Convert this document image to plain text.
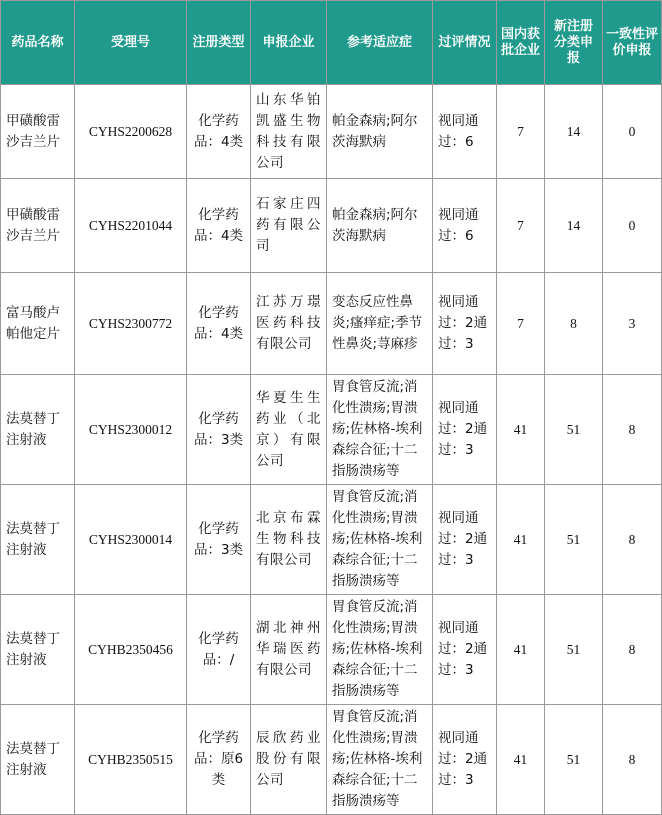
药品名称	受理号	注册类型	申报企业	参考适应症	过评情况	国内获批企业	新注册分类申报	一致性评价申报
甲磺酸雷沙吉兰片	CYHS2200628	化学药品：4类	山东华铂凯盛生物科技有限公司	帕金森病;阿尔茨海默病	视同通过：6	7	14	0
甲磺酸雷沙吉兰片	CYHS2201044	化学药品：4类	石家庄四药有限公司	帕金森病;阿尔茨海默病	视同通过：6	7	14	0
富马酸卢帕他定片	CYHS2300772	化学药品：4类	江苏万璟医药科技有限公司	变态反应性鼻炎;瘙痒症;季节性鼻炎;荨麻疹	视同通过：2通过：3	7	8	3
法莫替丁注射液	CYHS2300012	化学药品：3类	华夏生生药业（北京）有限公司	胃食管反流;消化性溃疡;胃溃疡;佐林格-埃利森综合征;十二指肠溃疡等	视同通过：2通过：3	41	51	8
法莫替丁注射液	CYHS2300014	化学药品：3类	北京布霖生物科技有限公司	胃食管反流;消化性溃疡;胃溃疡;佐林格-埃利森综合征;十二指肠溃疡等	视同通过：2通过：3	41	51	8
法莫替丁注射液	CYHB2350456	化学药品：/	湖北神州华瑞医药有限公司	胃食管反流;消化性溃疡;胃溃疡;佐林格-埃利森综合征;十二指肠溃疡等	视同通过：2通过：3	41	51	8
法莫替丁注射液	CYHB2350515	化学药品：原6类	辰欣药业股份有限公司	胃食管反流;消化性溃疡;胃溃疡;佐林格-埃利森综合征;十二指肠溃疡等	视同通过：2通过：3	41	51	8
